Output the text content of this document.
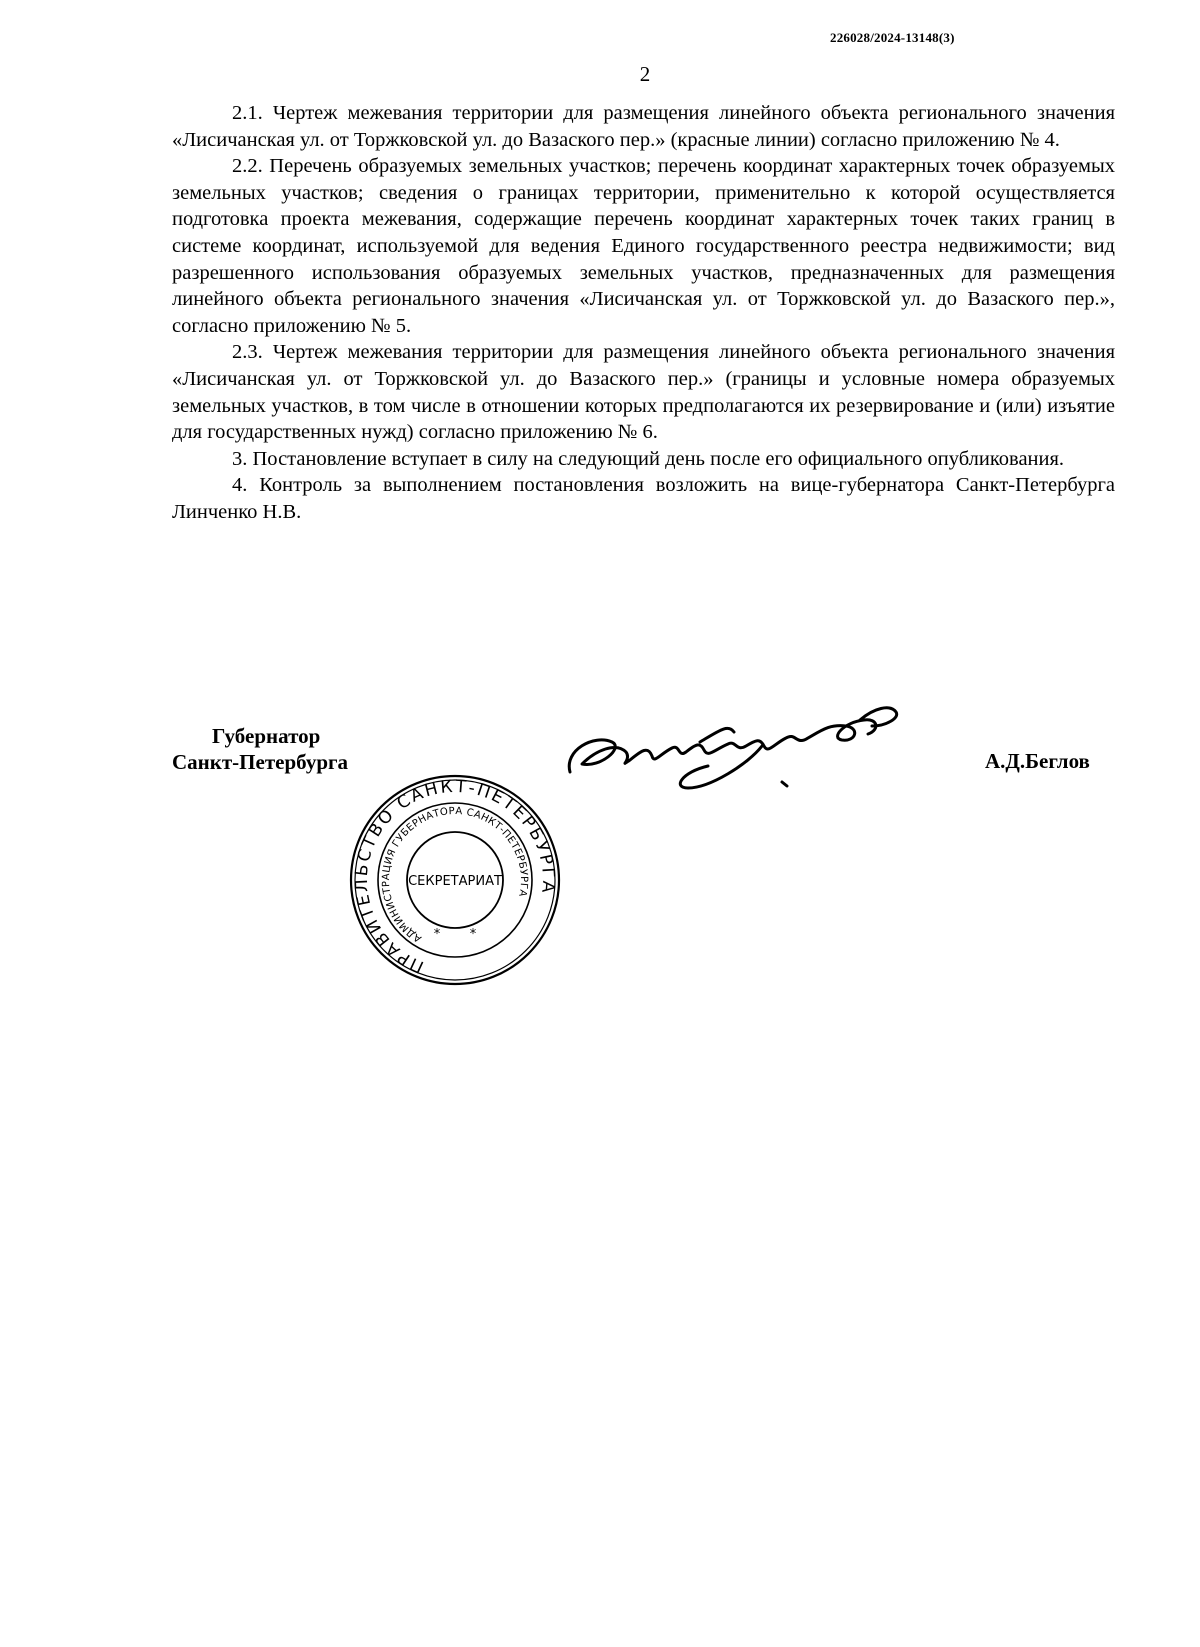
226028/2024-13148(3)
2

2.1. Чертеж межевания территории для размещения линейного объекта регионального значения «Лисичанская ул. от Торжковской ул. до Вазаского пер.» (красные линии) согласно приложению № 4.

2.2. Перечень образуемых земельных участков; перечень координат характерных точек образуемых земельных участков; сведения о границах территории, применительно к которой осуществляется подготовка проекта межевания, содержащие перечень координат характерных точек таких границ в системе координат, используемой для ведения Единого государственного реестра недвижимости; вид разрешенного использования образуемых земельных участков, предназначенных для размещения линейного объекта регионального значения «Лисичанская ул. от Торжковской ул. до Вазаского пер.», согласно приложению № 5.

2.3. Чертеж межевания территории для размещения линейного объекта регионального значения «Лисичанская ул. от Торжковской ул. до Вазаского пер.» (границы и условные номера образуемых земельных участков, в том числе в отношении которых предполагаются их резервирование и (или) изъятие для государственных нужд) согласно приложению № 6.

3. Постановление вступает в силу на следующий день после его официального опубликования.

4. Контроль за выполнением постановления возложить на вице-губернатора Санкт-Петербурга Линченко Н.В.

Губернатор
Санкт-Петербурга	А.Д.Беглов
ПРАВИТЕЛЬСТВО САНКТ-ПЕТЕРБУРГА
АДМИНИСТРАЦИЯ ГУБЕРНАТОРА САНКТ-ПЕТЕРБУРГА
СЕКРЕТАРИАТ
* *
